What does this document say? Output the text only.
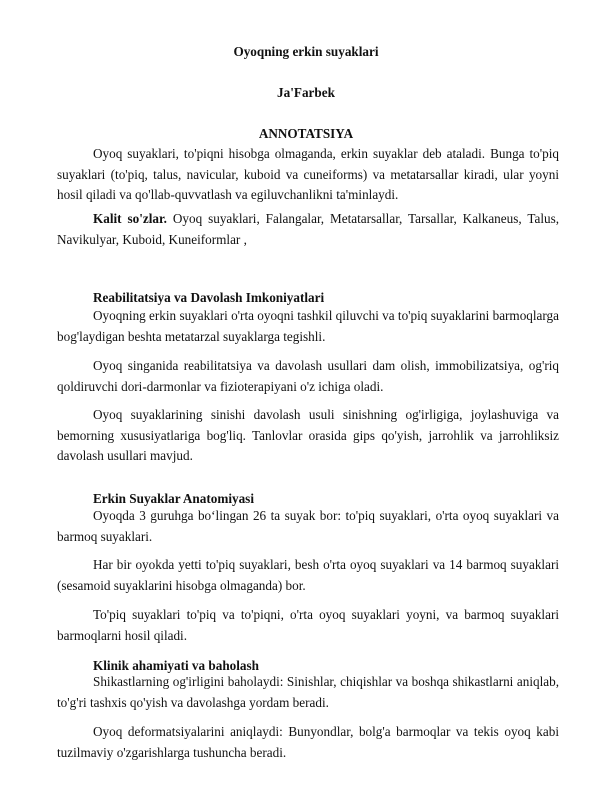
Oyoqning erkin suyaklari
Ja'Farbek
ANNOTATSIYA

Oyoq suyaklari, to'piqni hisobga olmaganda, erkin suyaklar deb ataladi. Bunga to'piq suyaklari (to'piq, talus, navicular, kuboid va cuneiforms) va metatarsallar kiradi, ular yoyni hosil qiladi va qo'llab-quvvatlash va egiluvchanlikni ta'minlaydi.

Kalit so'zlar. Oyoq suyaklari, Falangalar, Metatarsallar, Tarsallar, Kalkaneus, Talus, Navikulyar, Kuboid, Kuneiformlar ,

Reabilitatsiya va Davolash Imkoniyatlari

Oyoqning erkin suyaklari o'rta oyoqni tashkil qiluvchi va to'piq suyaklarini barmoqlarga bog'laydigan beshta metatarzal suyaklarga tegishli.

Oyoq singanida reabilitatsiya va davolash usullari dam olish, immobilizatsiya, og'riq qoldiruvchi dori-darmonlar va fizioterapiyani o'z ichiga oladi.

Oyoq suyaklarining sinishi davolash usuli sinishning og'irligiga, joylashuviga va bemorning xususiyatlariga bog'liq. Tanlovlar orasida gips qo'yish, jarrohlik va jarrohliksiz davolash usullari mavjud.

Erkin Suyaklar Anatomiyasi

Oyoqda 3 guruhga boʻlingan 26 ta suyak bor: to'piq suyaklari, o'rta oyoq suyaklari va barmoq suyaklari.

Har bir oyokda yetti to'piq suyaklari, besh o'rta oyoq suyaklari va 14 barmoq suyaklari (sesamoid suyaklarini hisobga olmaganda) bor.

To'piq suyaklari to'piq va to'piqni, o'rta oyoq suyaklari yoyni, va barmoq suyaklari barmoqlarni hosil qiladi.

Klinik ahamiyati va baholash

Shikastlarning og'irligini baholaydi: Sinishlar, chiqishlar va boshqa shikastlarni aniqlab, to'g'ri tashxis qo'yish va davolashga yordam beradi.

Oyoq deformatsiyalarini aniqlaydi: Bunyondlar, bolg'a barmoqlar va tekis oyoq kabi tuzilmaviy o'zgarishlarga tushuncha beradi.
